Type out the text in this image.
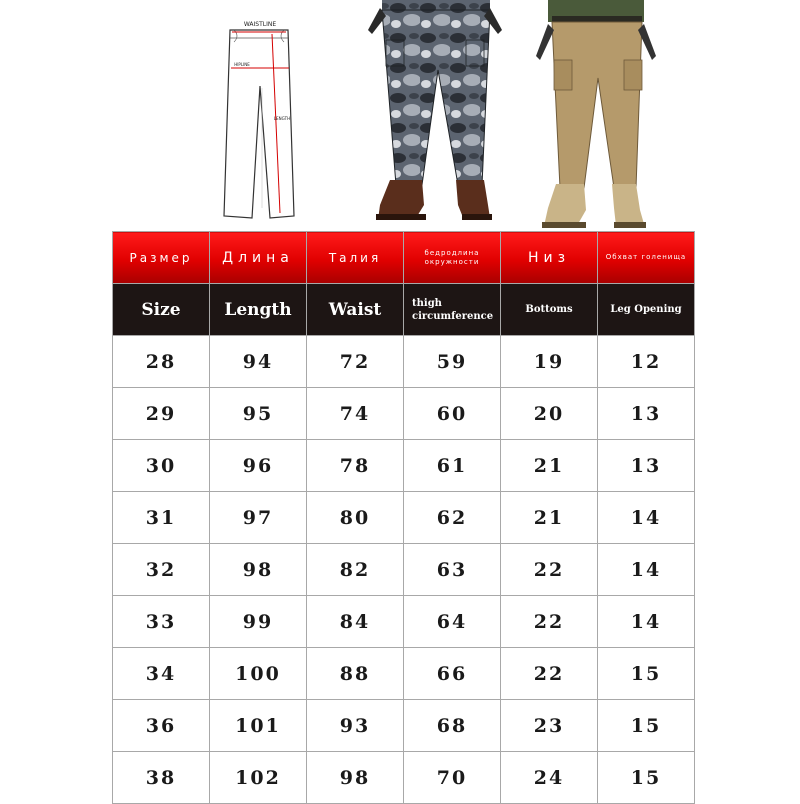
WAISTLINE
HIPLINE
LENGTH
Размер	Длина	Талия	бедродлина окружности	Низ	Обхват голенища
Size	Length	Waist	thigh circumference	Bottoms	Leg Opening
28	94	72	59	19	12
29	95	74	60	20	13
30	96	78	61	21	13
31	97	80	62	21	14
32	98	82	63	22	14
33	99	84	64	22	14
34	100	88	66	22	15
36	101	93	68	23	15
38	102	98	70	24	15
